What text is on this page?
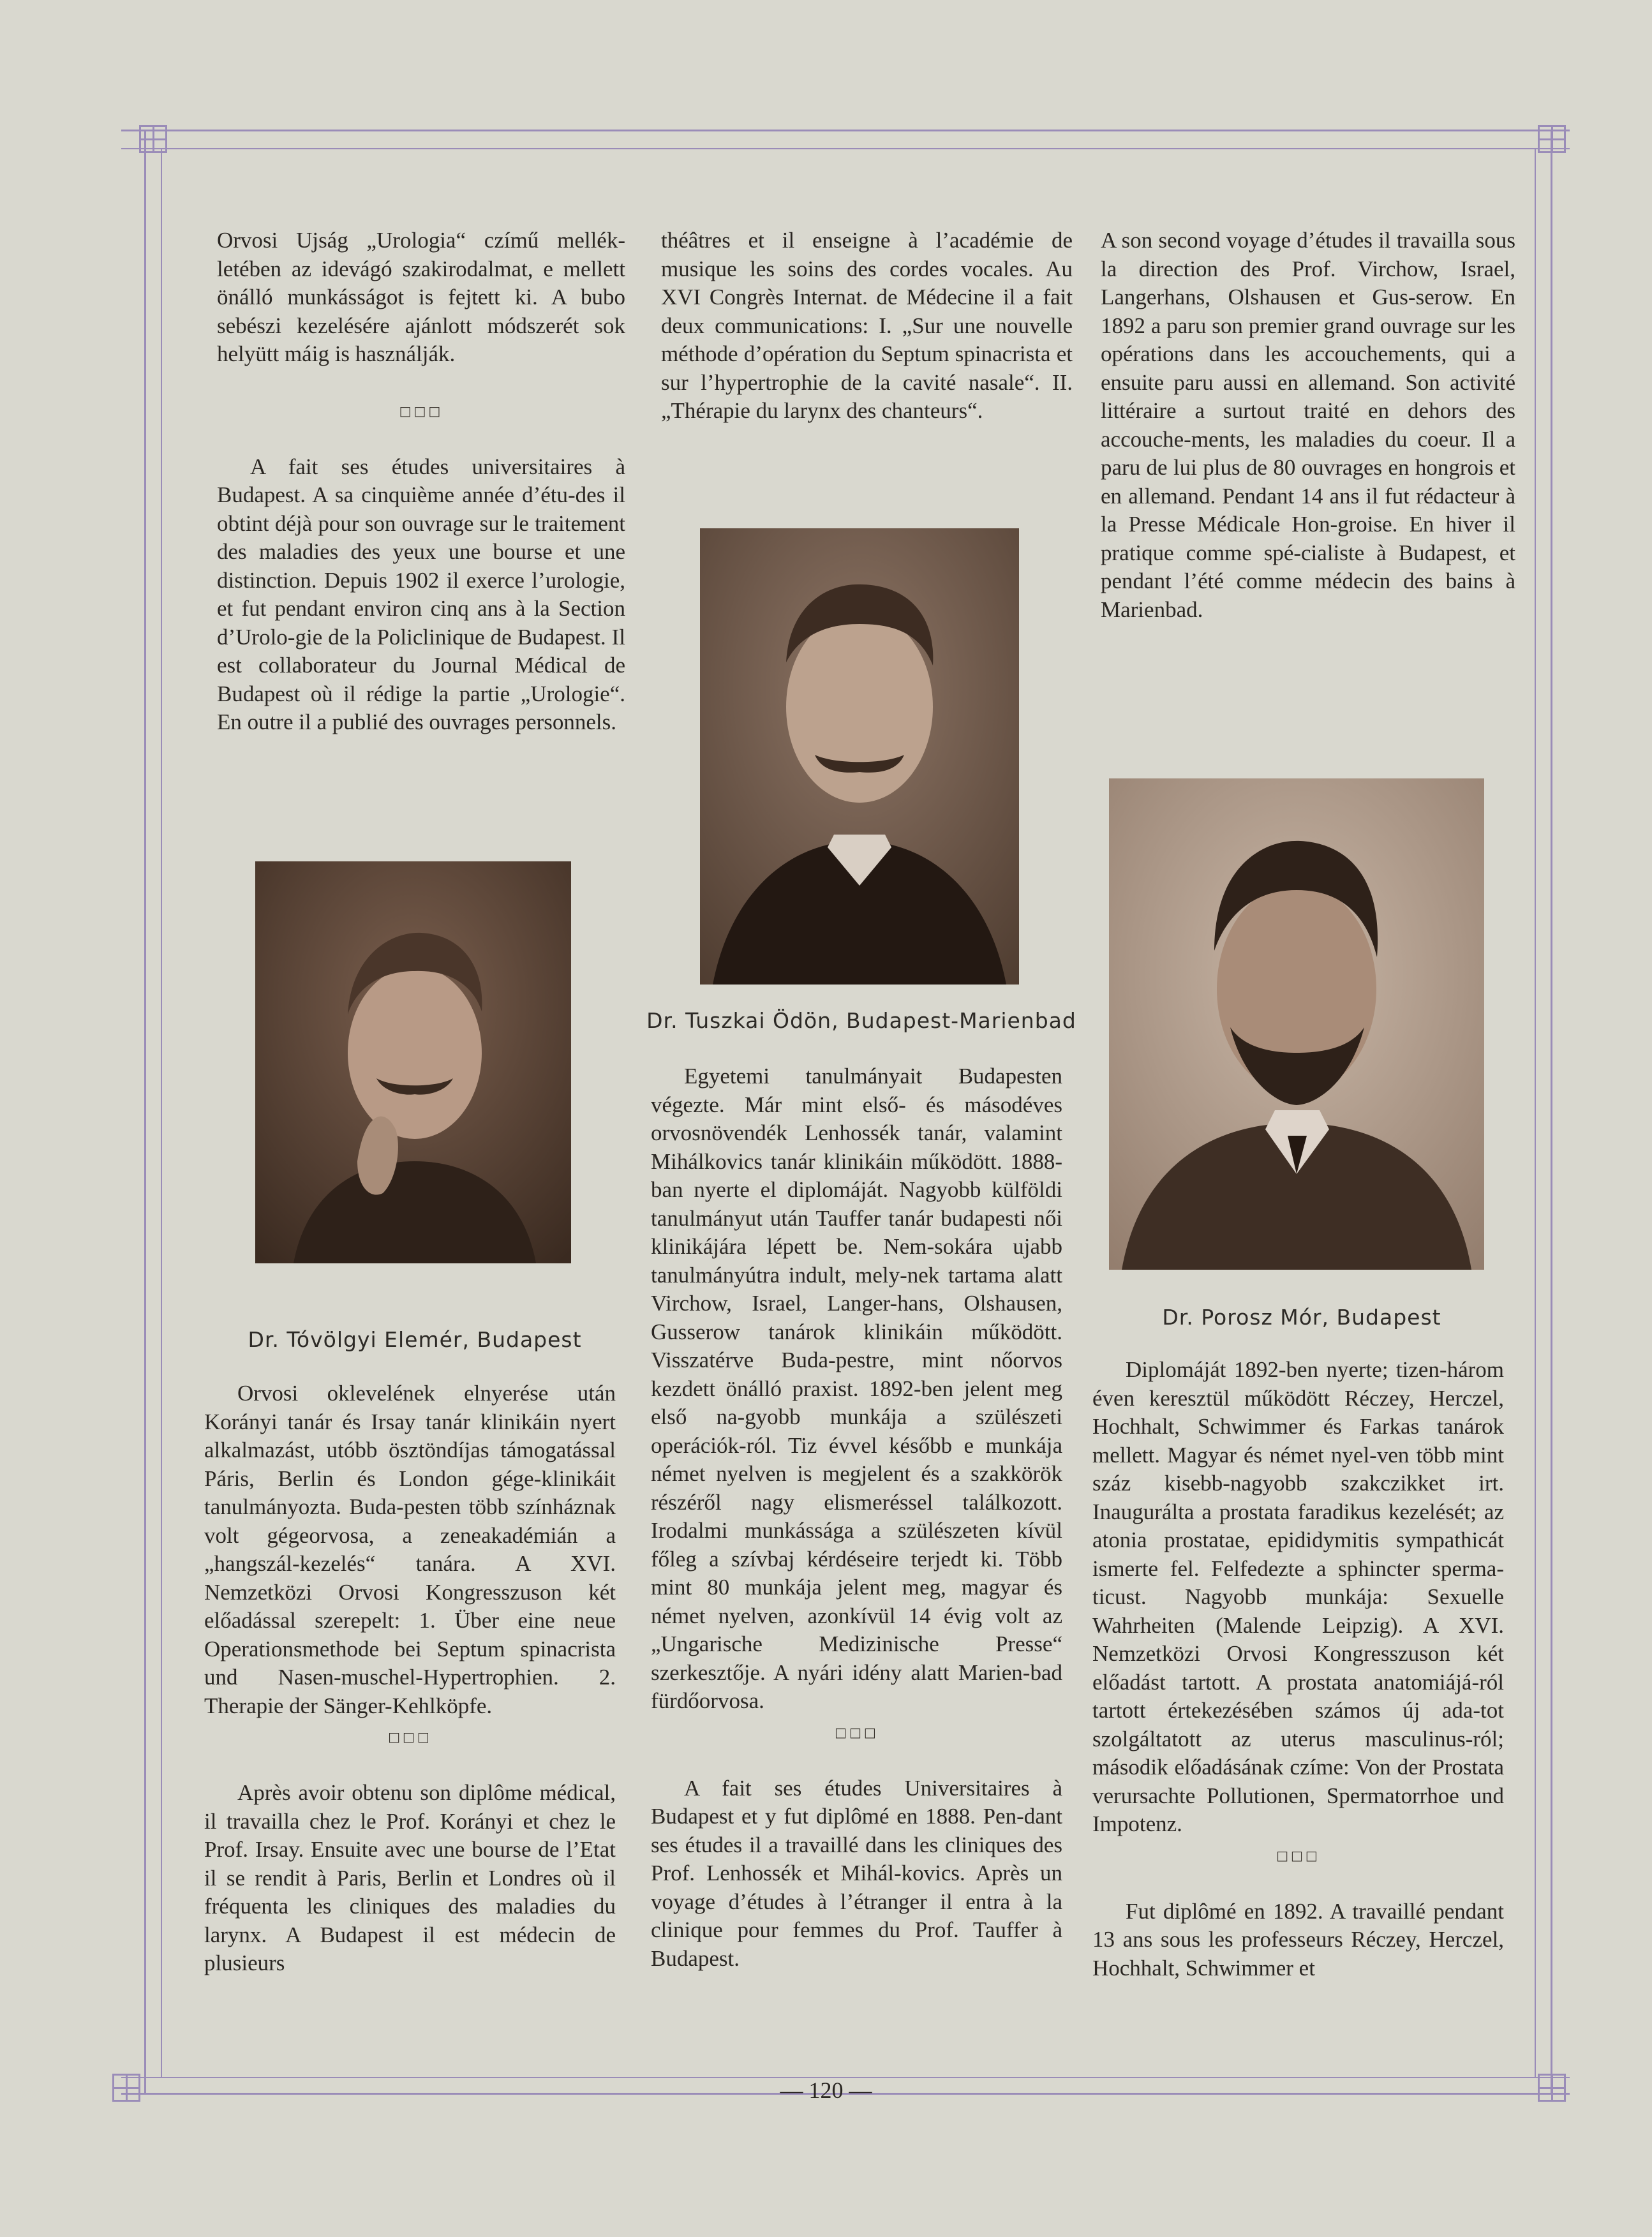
Orvosi Ujság „Urologia“ czímű mellék-letében az idevágó szakirodalmat, e mellett önálló munkásságot is fejtett ki. A bubo sebészi kezelésére ajánlott módszerét sok helyütt máig is használják.

□□□

A fait ses études universitaires à Budapest. A sa cinquième année d’étu-des il obtint déjà pour son ouvrage sur le traitement des maladies des yeux une bourse et une distinction. Depuis 1902 il exerce l’urologie, et fut pendant environ cinq ans à la Section d’Urolo-gie de la Policlinique de Budapest. Il est collaborateur du Journal Médical de Budapest où il rédige la partie „Urologie“. En outre il a publié des ouvrages personnels.

Dr. Tóvölgyi Elemér, Budapest

Orvosi oklevelének elnyerése után Korányi tanár és Irsay tanár klinikáin nyert alkalmazást, utóbb ösztöndíjas támogatással Páris, Berlin és London gége-klinikáit tanulmányozta. Buda-pesten több színháznak volt gégeorvosa, a zeneakadémián a „hangszál-kezelés“ tanára. A XVI. Nemzetközi Orvosi Kongresszuson két előadással szerepelt: 1. Über eine neue Operationsmethode bei Septum spinacrista und Nasen-muschel-Hypertrophien. 2. Therapie der Sänger-Kehlköpfe.

□□□

Après avoir obtenu son diplôme médical, il travailla chez le Prof. Korányi et chez le Prof. Irsay. Ensuite avec une bourse de l’Etat il se rendit à Paris, Berlin et Londres où il fréquenta les cliniques des maladies du larynx. A Budapest il est médecin de plusieurs

théâtres et il enseigne à l’académie de musique les soins des cordes vocales. Au XVI Congrès Internat. de Médecine il a fait deux communications: I. „Sur une nouvelle méthode d’opération du Septum spinacrista et sur l’hypertrophie de la cavité nasale“. II. „Thérapie du larynx des chanteurs“.

Dr. Tuszkai Ödön, Budapest-Marienbad

Egyetemi tanulmányait Budapesten végezte. Már mint első- és másodéves orvosnövendék Lenhossék tanár, valamint Mihálkovics tanár klinikáin működött. 1888-ban nyerte el diplomáját. Nagyobb külföldi tanulmányut után Tauffer tanár budapesti női klinikájára lépett be. Nem-sokára ujabb tanulmányútra indult, mely-nek tartama alatt Virchow, Israel, Langer-hans, Olshausen, Gusserow tanárok klinikáin működött. Visszatérve Buda-pestre, mint nőorvos kezdett önálló praxist. 1892-ben jelent meg első na-gyobb munkája a szülészeti operációk-ról. Tiz évvel később e munkája német nyelven is megjelent és a szakkörök részéről nagy elismeréssel találkozott. Irodalmi munkássága a szülészeten kívül főleg a szívbaj kérdéseire terjedt ki. Több mint 80 munkája jelent meg, magyar és német nyelven, azonkívül 14 évig volt az „Ungarische Medizinische Presse“ szerkesztője. A nyári idény alatt Marien-bad fürdőorvosa.

□□□

A fait ses études Universitaires à Budapest et y fut diplômé en 1888. Pen-dant ses études il a travaillé dans les cliniques des Prof. Lenhossék et Mihál-kovics. Après un voyage d’études à l’étranger il entra à la clinique pour femmes du Prof. Tauffer à Budapest.

A son second voyage d’études il travailla sous la direction des Prof. Virchow, Israel, Langerhans, Olshausen et Gus-serow. En 1892 a paru son premier grand ouvrage sur les opérations dans les accouchements, qui a ensuite paru aussi en allemand. Son activité littéraire a surtout traité en dehors des accouche-ments, les maladies du coeur. Il a paru de lui plus de 80 ouvrages en hongrois et en allemand. Pendant 14 ans il fut rédacteur à la Presse Médicale Hon-groise. En hiver il pratique comme spé-cialiste à Budapest, et pendant l’été comme médecin des bains à Marienbad.

Dr. Porosz Mór, Budapest

Diplomáját 1892-ben nyerte; tizen-három éven keresztül működött Réczey, Herczel, Hochhalt, Schwimmer és Farkas tanárok mellett. Magyar és német nyel-ven több mint száz kisebb-nagyobb szakczikket irt. Inaugurálta a prostata faradikus kezelését; az atonia prostatae, epididymitis sympathicát ismerte fel. Felfedezte a sphincter sperma-ticust. Nagyobb munkája: Sexuelle Wahrheiten (Malende Leipzig). A XVI. Nemzetközi Orvosi Kongresszuson két előadást tartott. A prostata anatomiájá-ról tartott értekezésében számos új ada-tot szolgáltatott az uterus masculinus-ról; második előadásának czíme: Von der Prostata verursachte Pollutionen, Spermatorrhoe und Impotenz.

□□□

Fut diplômé en 1892. A travaillé pendant 13 ans sous les professeurs Réczey, Herczel, Hochhalt, Schwimmer et

— 120 —
